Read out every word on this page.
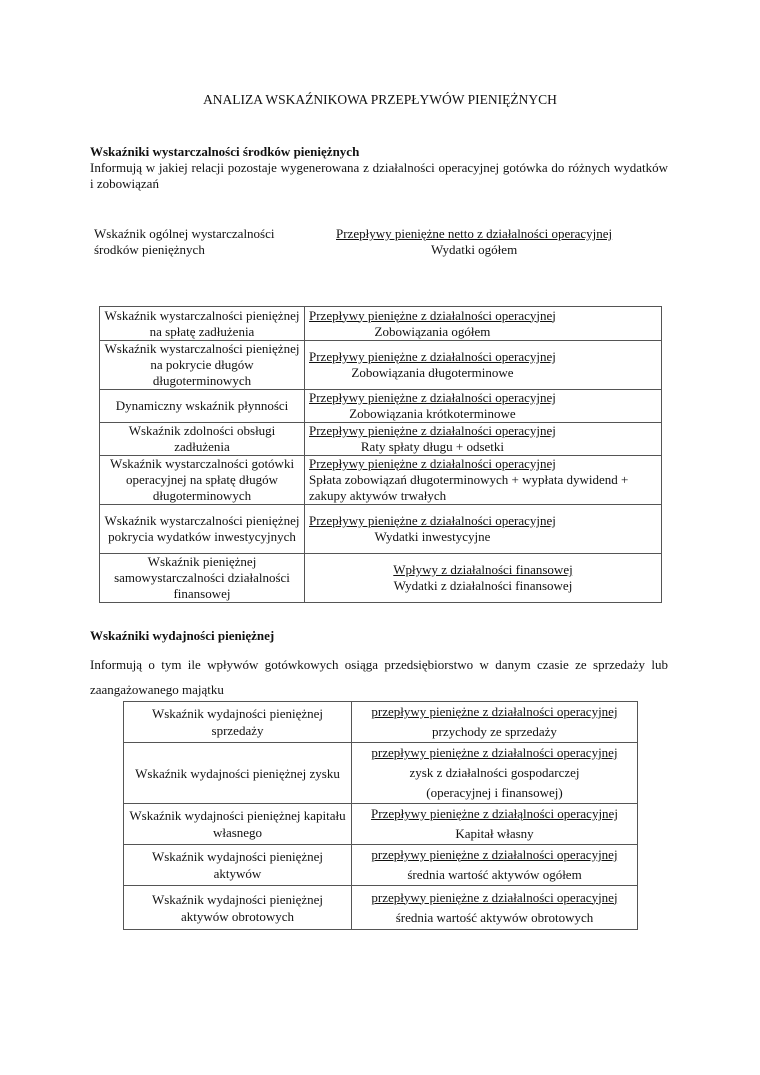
ANALIZA WSKAŹNIKOWA PRZEPŁYWÓW PIENIĘŻNYCH
Wskaźniki wystarczalności środków pieniężnych
Informują w jakiej relacji pozostaje wygenerowana z działalności operacyjnej gotówka do różnych wydatków i zobowiązań
Wskaźnik ogólnej wystarczalności
środków pieniężnych
Przepływy pieniężne netto z działalności operacyjnej
Wydatki ogółem
Wskaźnik wystarczalności pieniężnej na spłatę zadłużenia	$\frac{\text{Przepływy pieniężne z działalności operacyjnej}}{\text{Zobowiązania ogółem}}$
Wskaźnik wystarczalności pieniężnej na pokrycie długów długoterminowych	$\frac{\text{Przepływy pieniężne z działalności operacyjnej}}{\text{Zobowiązania długoterminowe}}$
Dynamiczny wskaźnik płynności	$\frac{\text{Przepływy pieniężne z działalności operacyjnej}}{\text{Zobowiązania krótkoterminowe}}$
Wskaźnik zdolności obsługi zadłużenia	$\frac{\text{Przepływy pieniężne z działalności operacyjnej}}{\text{Raty spłaty długu + odsetki}}$
Wskaźnik wystarczalności gotówki operacyjnej na spłatę długów długoterminowych	Przepływy pieniężne z działalności operacyjnej
Spłata zobowiązań długoterminowych + wypłata dywidend + zakupy aktywów trwałych
Wskaźnik wystarczalności pieniężnej pokrycia wydatków inwestycyjnych	$\frac{\text{Przepływy pieniężne z działalności operacyjnej}}{\text{Wydatki inwestycyjne}}$
Wskaźnik pieniężnej samowystarczalności działalności finansowej	$\frac{\text{Wpływy z działalności finansowej}}{\text{Wydatki z działalności finansowej}}$
Wskaźniki wydajności pieniężnej
Informują o tym ile wpływów gotówkowych osiąga przedsiębiorstwo w danym czasie ze sprzedaży lub zaangażowanego majątku
Wskaźnik wydajności pieniężnej sprzedaży	przepływy pieniężne z działalności operacyjnej
przychody ze sprzedaży

Wskaźnik wydajności pieniężnej zysku	przepływy pieniężne z działalności operacyjnej
zysk z działalności gospodarczej (operacyjnej i finansowej)

Wskaźnik wydajności pieniężnej kapitału własnego	Przepływy pieniężne z działąlności operacyjnej
Kapitał własny

Wskaźnik wydajności pieniężnej aktywów	przepływy pieniężne z działalności operacyjnej
średnia wartość aktywów ogółem

Wskaźnik wydajności pieniężnej aktywów obrotowych	przepływy pieniężne z działalności operacyjnej
średnia wartość aktywów obrotowych
